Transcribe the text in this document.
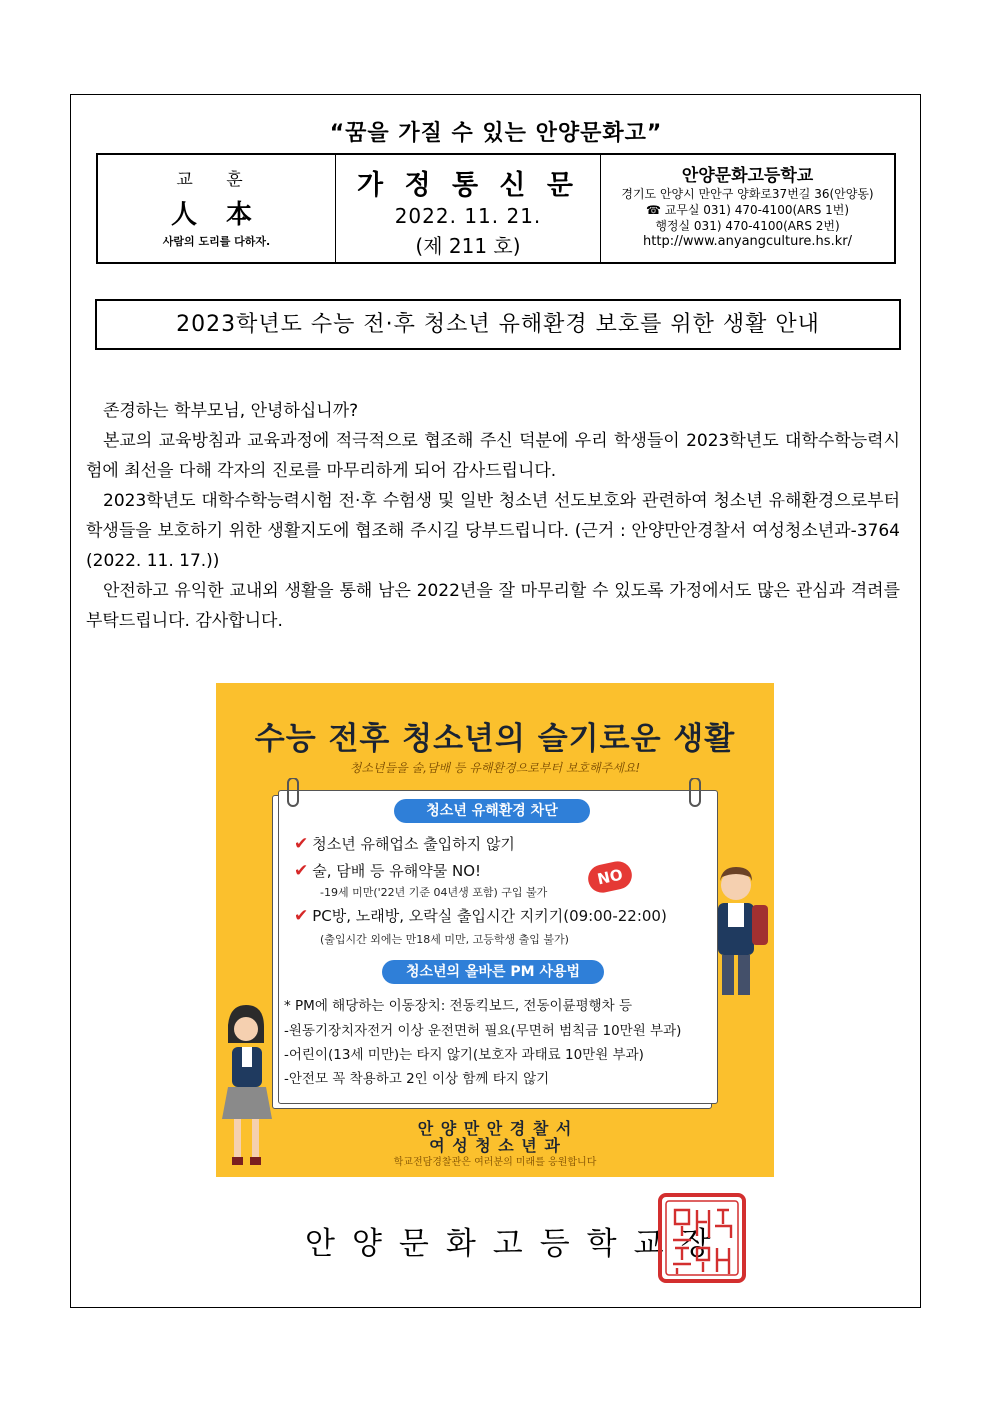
“꿈을 가질 수 있는 안양문화고”
교 훈
人 本
사람의 도리를 다하자.
가 정 통 신 문
2022. 11. 21.
(제 211 호)
안양문화고등학교
경기도 안양시 만안구 양화로37번길 36(안양동)
☎ 교무실 031) 470-4100(ARS 1번)
행정실 031) 470-4100(ARS 2번)
http://www.anyangculture.hs.kr/
2023학년도 수능 전·후 청소년 유해환경 보호를 위한 생활 안내

존경하는 학부모님, 안녕하십니까?

본교의 교육방침과 교육과정에 적극적으로 협조해 주신 덕분에 우리 학생들이 2023학년도 대학수학능력시험에 최선을 다해 각자의 진로를 마무리하게 되어 감사드립니다.

2023학년도 대학수학능력시험 전·후 수험생 및 일반 청소년 선도보호와 관련하여 청소년 유해환경으로부터 학생들을 보호하기 위한 생활지도에 협조해 주시길 당부드립니다. (근거 : 안양만안경찰서 여성청소년과-3764 (2022. 11. 17.))

안전하고 유익한 교내외 생활을 통해 남은 2022년을 잘 마무리할 수 있도록 가정에서도 많은 관심과 격려를 부탁드립니다. 감사합니다.

수능 전후 청소년의 슬기로운 생활
청소년들을 술,담배 등 유해환경으로부터 보호해주세요!
청소년 유해환경 차단
✔ 청소년 유해업소 출입하지 않기
✔ 술, 담배 등 유해약물 NO!
-19세 미만('22년 기준 04년생 포함) 구입 불가
NO
✔ PC방, 노래방, 오락실 출입시간 지키기(09:00-22:00)
(출입시간 외에는 만18세 미만, 고등학생 출입 불가)
청소년의 올바른 PM 사용법
* PM에 해당하는 이동장치: 전동킥보드, 전동이륜평행차 등
-원동기장치자전거 이상 운전면허 필요(무면허 범칙금 10만원 부과)
-어린이(13세 미만)는 타지 않기(보호자 과태료 10만원 부과)
-안전모 꼭 착용하고 2인 이상 함께 타지 않기
안 양 만 안 경 찰 서
여 성 청 소 년 과
학교전담경찰관은 여러분의 미래를 응원합니다
안양문화고등학교장
